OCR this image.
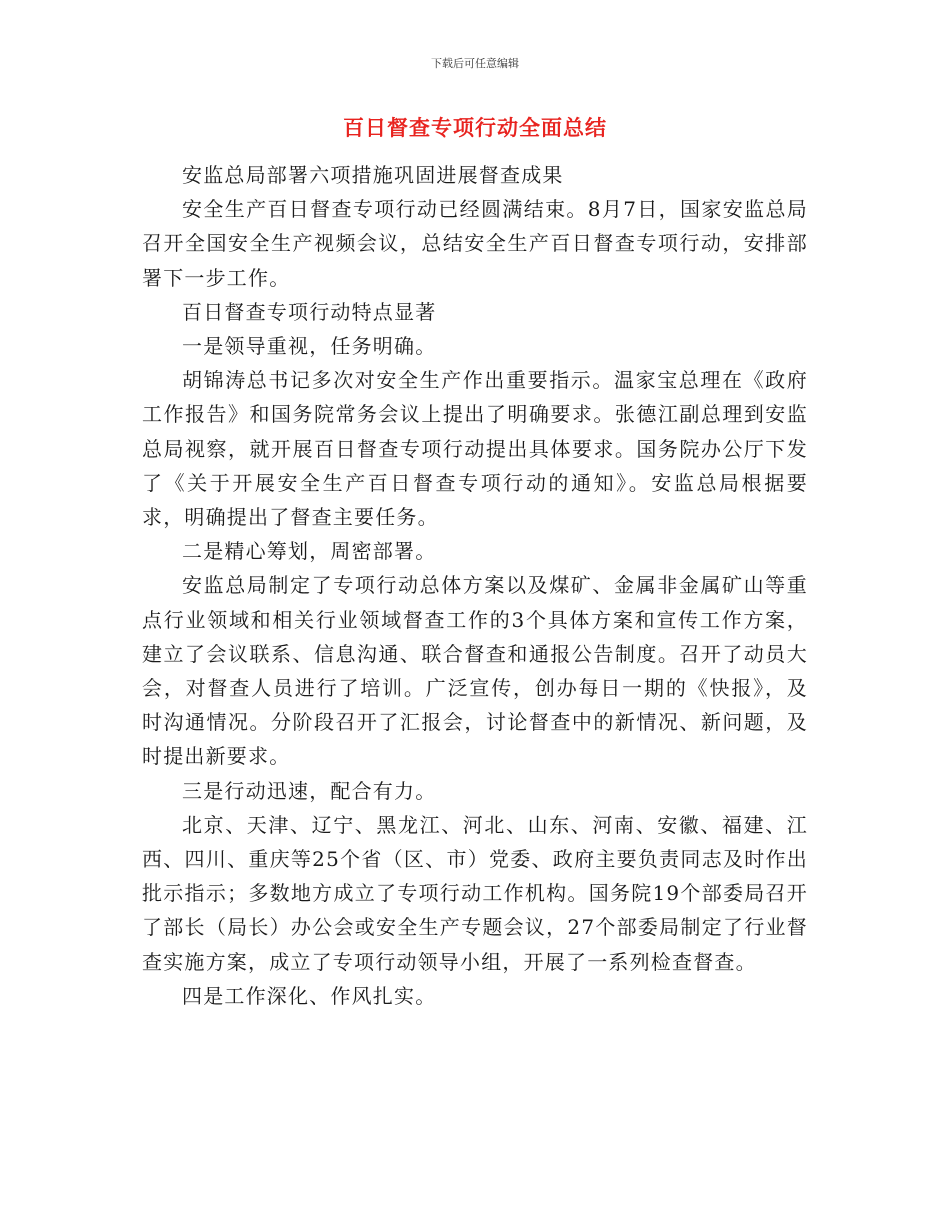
下载后可任意编辑
百日督查专项行动全面总结

安监总局部署六项措施巩固进展督查成果

安全生产百日督查专项行动已经圆满结束。8月7日，国家安监总局召开全国安全生产视频会议，总结安全生产百日督查专项行动，安排部署下一步工作。

百日督查专项行动特点显著

一是领导重视，任务明确。

胡锦涛总书记多次对安全生产作出重要指示。温家宝总理在《政府工作报告》和国务院常务会议上提出了明确要求。张德江副总理到安监总局视察，就开展百日督查专项行动提出具体要求。国务院办公厅下发了《关于开展安全生产百日督查专项行动的通知》。安监总局根据要求，明确提出了督查主要任务。

二是精心筹划，周密部署。

安监总局制定了专项行动总体方案以及煤矿、金属非金属矿山等重点行业领域和相关行业领域督查工作的3个具体方案和宣传工作方案，建立了会议联系、信息沟通、联合督查和通报公告制度。召开了动员大会，对督查人员进行了培训。广泛宣传，创办每日一期的《快报》，及时沟通情况。分阶段召开了汇报会，讨论督查中的新情况、新问题，及时提出新要求。

三是行动迅速，配合有力。

北京、天津、辽宁、黑龙江、河北、山东、河南、安徽、福建、江西、四川、重庆等25个省（区、市）党委、政府主要负责同志及时作出批示指示；多数地方成立了专项行动工作机构。国务院19个部委局召开了部长（局长）办公会或安全生产专题会议，27个部委局制定了行业督查实施方案，成立了专项行动领导小组，开展了一系列检查督查。

四是工作深化、作风扎实。
